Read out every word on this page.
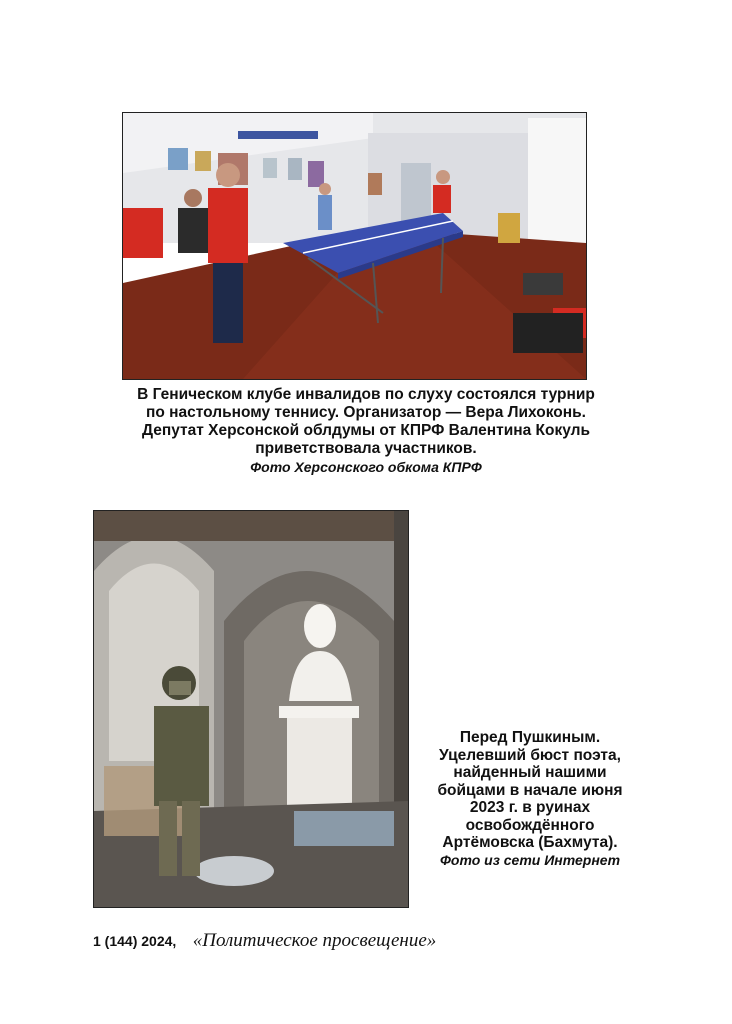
В Геническом клубе инвалидов по слуху состоялся турнир
по настольному теннису. Организатор — Вера Лихоконь.
Депутат Херсонской облдумы от КПРФ Валентина Кокуль
приветствовала участников.
Фото Херсонского обкома КПРФ
Перед Пушкиным.
Уцелевший бюст поэта,
найденный нашими
бойцами в начале июня
2023 г. в руинах
освобождённого
Артёмовска (Бахмута).
Фото из сети Интернет
1 (144) 2024, «Политическое просвещение»
